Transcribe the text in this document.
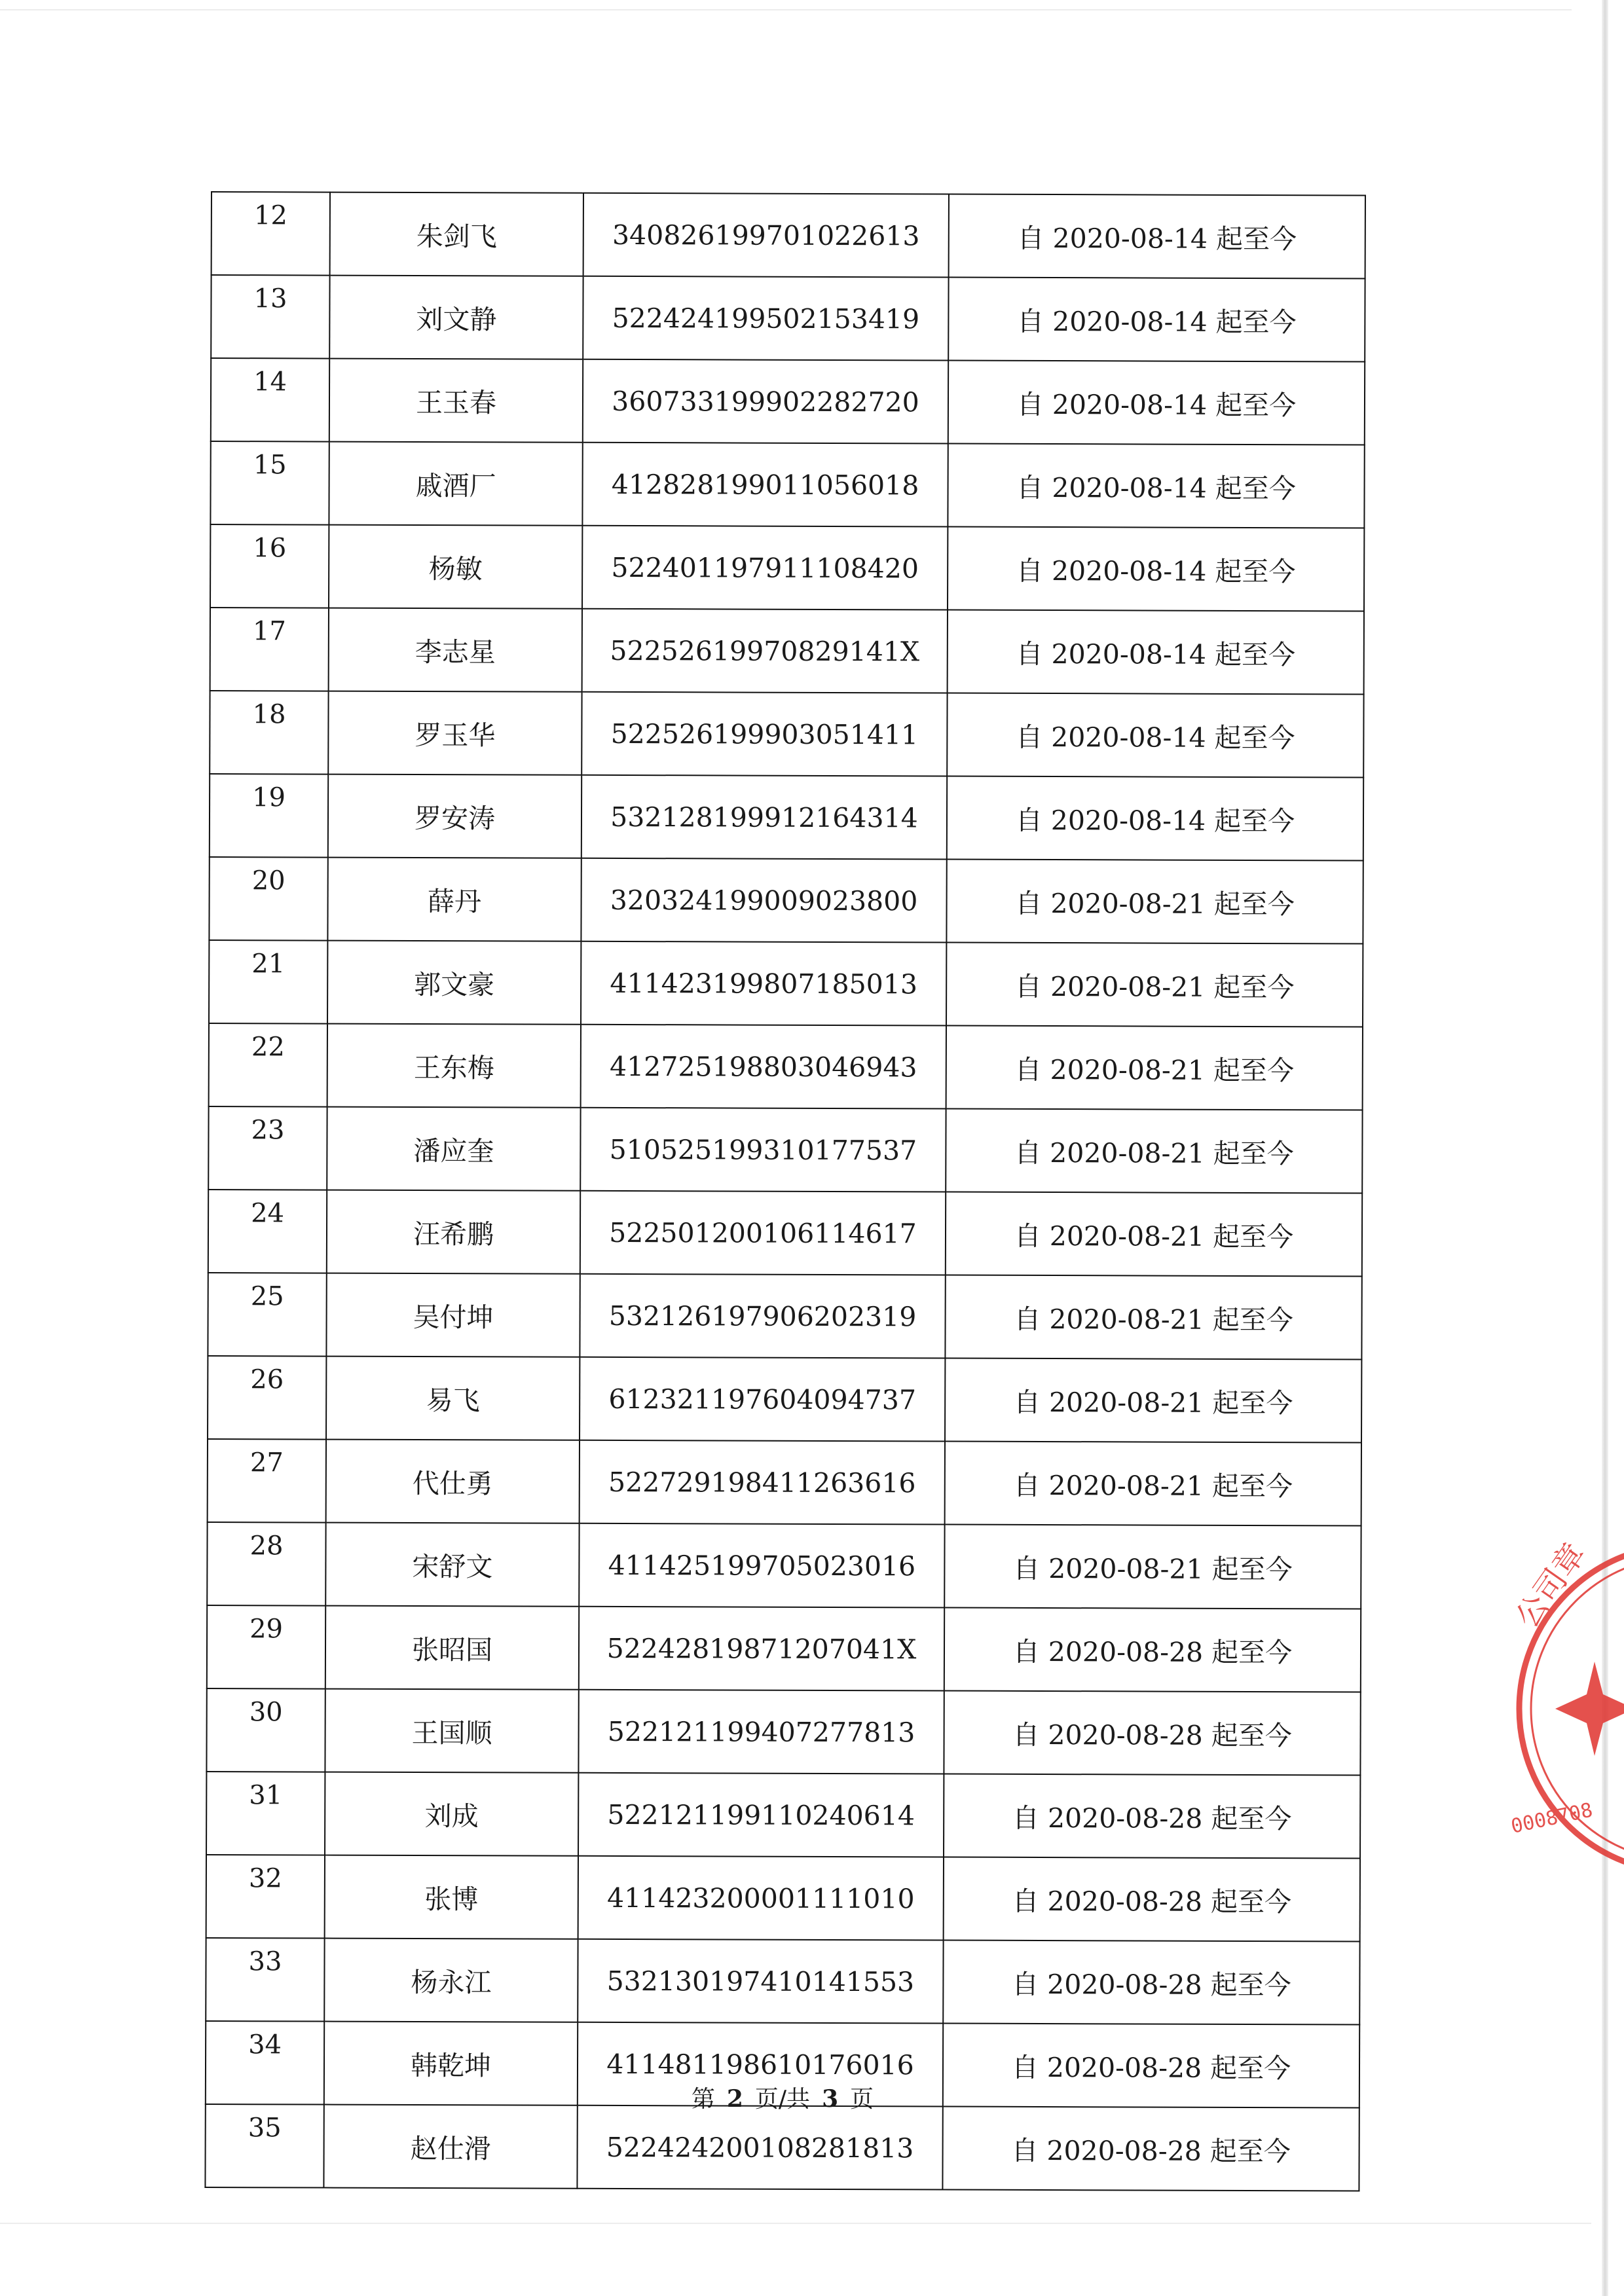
12	朱剑飞	340826199701022613	自 2020-08-14 起至今
13	刘文静	522424199502153419	自 2020-08-14 起至今
14	王玉春	360733199902282720	自 2020-08-14 起至今
15	戚酒厂	412828199011056018	自 2020-08-14 起至今
16	杨敏	522401197911108420	自 2020-08-14 起至今
17	李志星	52252619970829141X	自 2020-08-14 起至今
18	罗玉华	522526199903051411	自 2020-08-14 起至今
19	罗安涛	532128199912164314	自 2020-08-14 起至今
20	薛丹	320324199009023800	自 2020-08-21 起至今
21	郭文豪	411423199807185013	自 2020-08-21 起至今
22	王东梅	412725198803046943	自 2020-08-21 起至今
23	潘应奎	510525199310177537	自 2020-08-21 起至今
24	汪希鹏	522501200106114617	自 2020-08-21 起至今
25	吴付坤	532126197906202319	自 2020-08-21 起至今
26	易飞	612321197604094737	自 2020-08-21 起至今
27	代仕勇	522729198411263616	自 2020-08-21 起至今
28	宋舒文	411425199705023016	自 2020-08-21 起至今
29	张昭国	52242819871207041X	自 2020-08-28 起至今
30	王国顺	522121199407277813	自 2020-08-28 起至今
31	刘成	522121199110240614	自 2020-08-28 起至今
32	张博	411423200001111010	自 2020-08-28 起至今
33	杨永江	532130197410141553	自 2020-08-28 起至今
34	韩乾坤	411481198610176016	自 2020-08-28 起至今
35	赵仕滑	522424200108281813	自 2020-08-28 起至今
第 2 页/共 3 页
公司章
0008708
